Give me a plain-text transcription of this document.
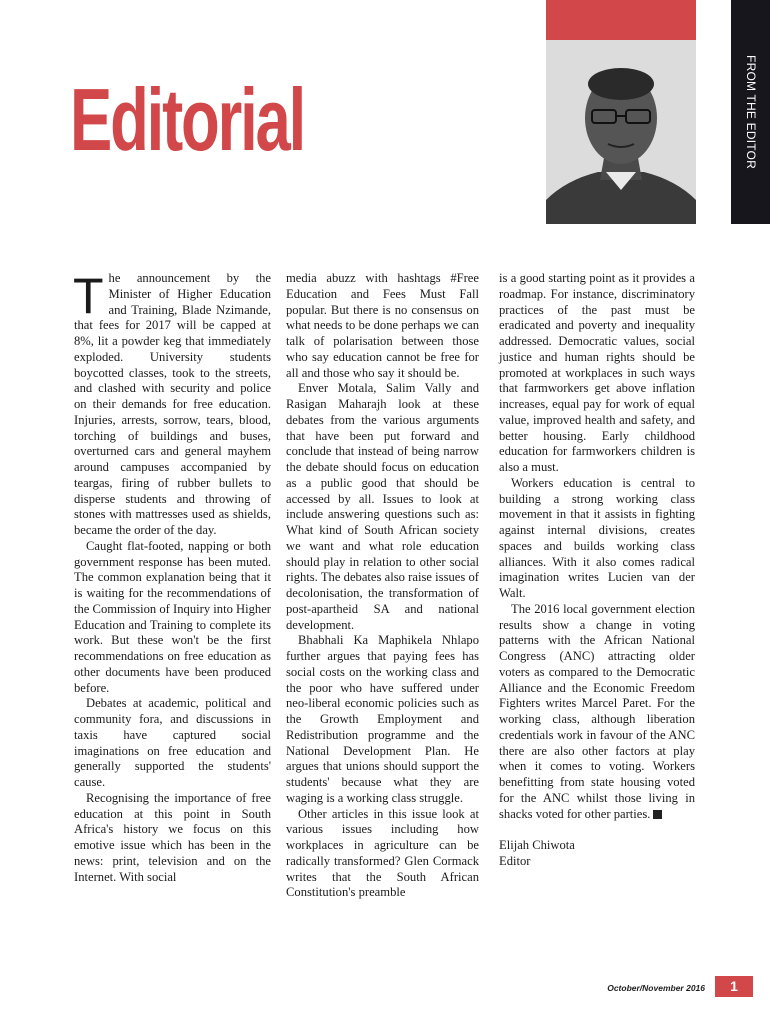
FROM THE EDITOR
Editorial

The announcement by the Minister of Higher Education and Training, Blade Nzimande, that fees for 2017 will be capped at 8%, lit a powder keg that immediately exploded. University students boycotted classes, took to the streets, and clashed with security and police on their demands for free education. Injuries, arrests, sorrow, tears, blood, torching of buildings and buses, overturned cars and general mayhem around campuses accompanied by teargas, firing of rubber bullets to disperse students and throwing of stones with mattresses used as shields, became the order of the day.

Caught flat-footed, napping or both government response has been muted. The common explanation being that it is waiting for the recommendations of the Commission of Inquiry into Higher Education and Training to complete its work. But these won't be the first recommendations on free education as other documents have been produced before.

Debates at academic, political and community fora, and discussions in taxis have captured social imaginations on free education and generally supported the students' cause.

Recognising the importance of free education at this point in South Africa's history we focus on this emotive issue which has been in the news: print, television and on the Internet. With social

media abuzz with hashtags #Free Education and Fees Must Fall popular. But there is no consensus on what needs to be done perhaps we can talk of polarisation between those who say education cannot be free for all and those who say it should be.

Enver Motala, Salim Vally and Rasigan Maharajh look at these debates from the various arguments that have been put forward and conclude that instead of being narrow the debate should focus on education as a public good that should be accessed by all. Issues to look at include answering questions such as: What kind of South African society we want and what role education should play in relation to other social rights. The debates also raise issues of decolonisation, the transformation of post-apartheid SA and national development.

Bhabhali Ka Maphikela Nhlapo further argues that paying fees has social costs on the working class and the poor who have suffered under neo-liberal economic policies such as the Growth Employment and Redistribution programme and the National Development Plan. He argues that unions should support the students' because what they are waging is a working class struggle.

Other articles in this issue look at various issues including how workplaces in agriculture can be radically transformed? Glen Cormack writes that the South African Constitution's preamble

is a good starting point as it provides a roadmap. For instance, discriminatory practices of the past must be eradicated and poverty and inequality addressed. Democratic values, social justice and human rights should be promoted at workplaces in such ways that farmworkers get above inflation increases, equal pay for work of equal value, improved health and safety, and better housing. Early childhood education for farmworkers children is also a must.

Workers education is central to building a strong working class movement in that it assists in fighting against internal divisions, creates spaces and builds working class alliances. With it also comes radical imagination writes Lucien van der Walt.

The 2016 local government election results show a change in voting patterns with the African National Congress (ANC) attracting older voters as compared to the Democratic Alliance and the Economic Freedom Fighters writes Marcel Paret. For the working class, although liberation credentials work in favour of the ANC there are also other factors at play when it comes to voting. Workers benefitting from state housing voted for the ANC whilst those living in shacks voted for other parties.

Elijah Chiwota

Editor

October/November 2016	1
